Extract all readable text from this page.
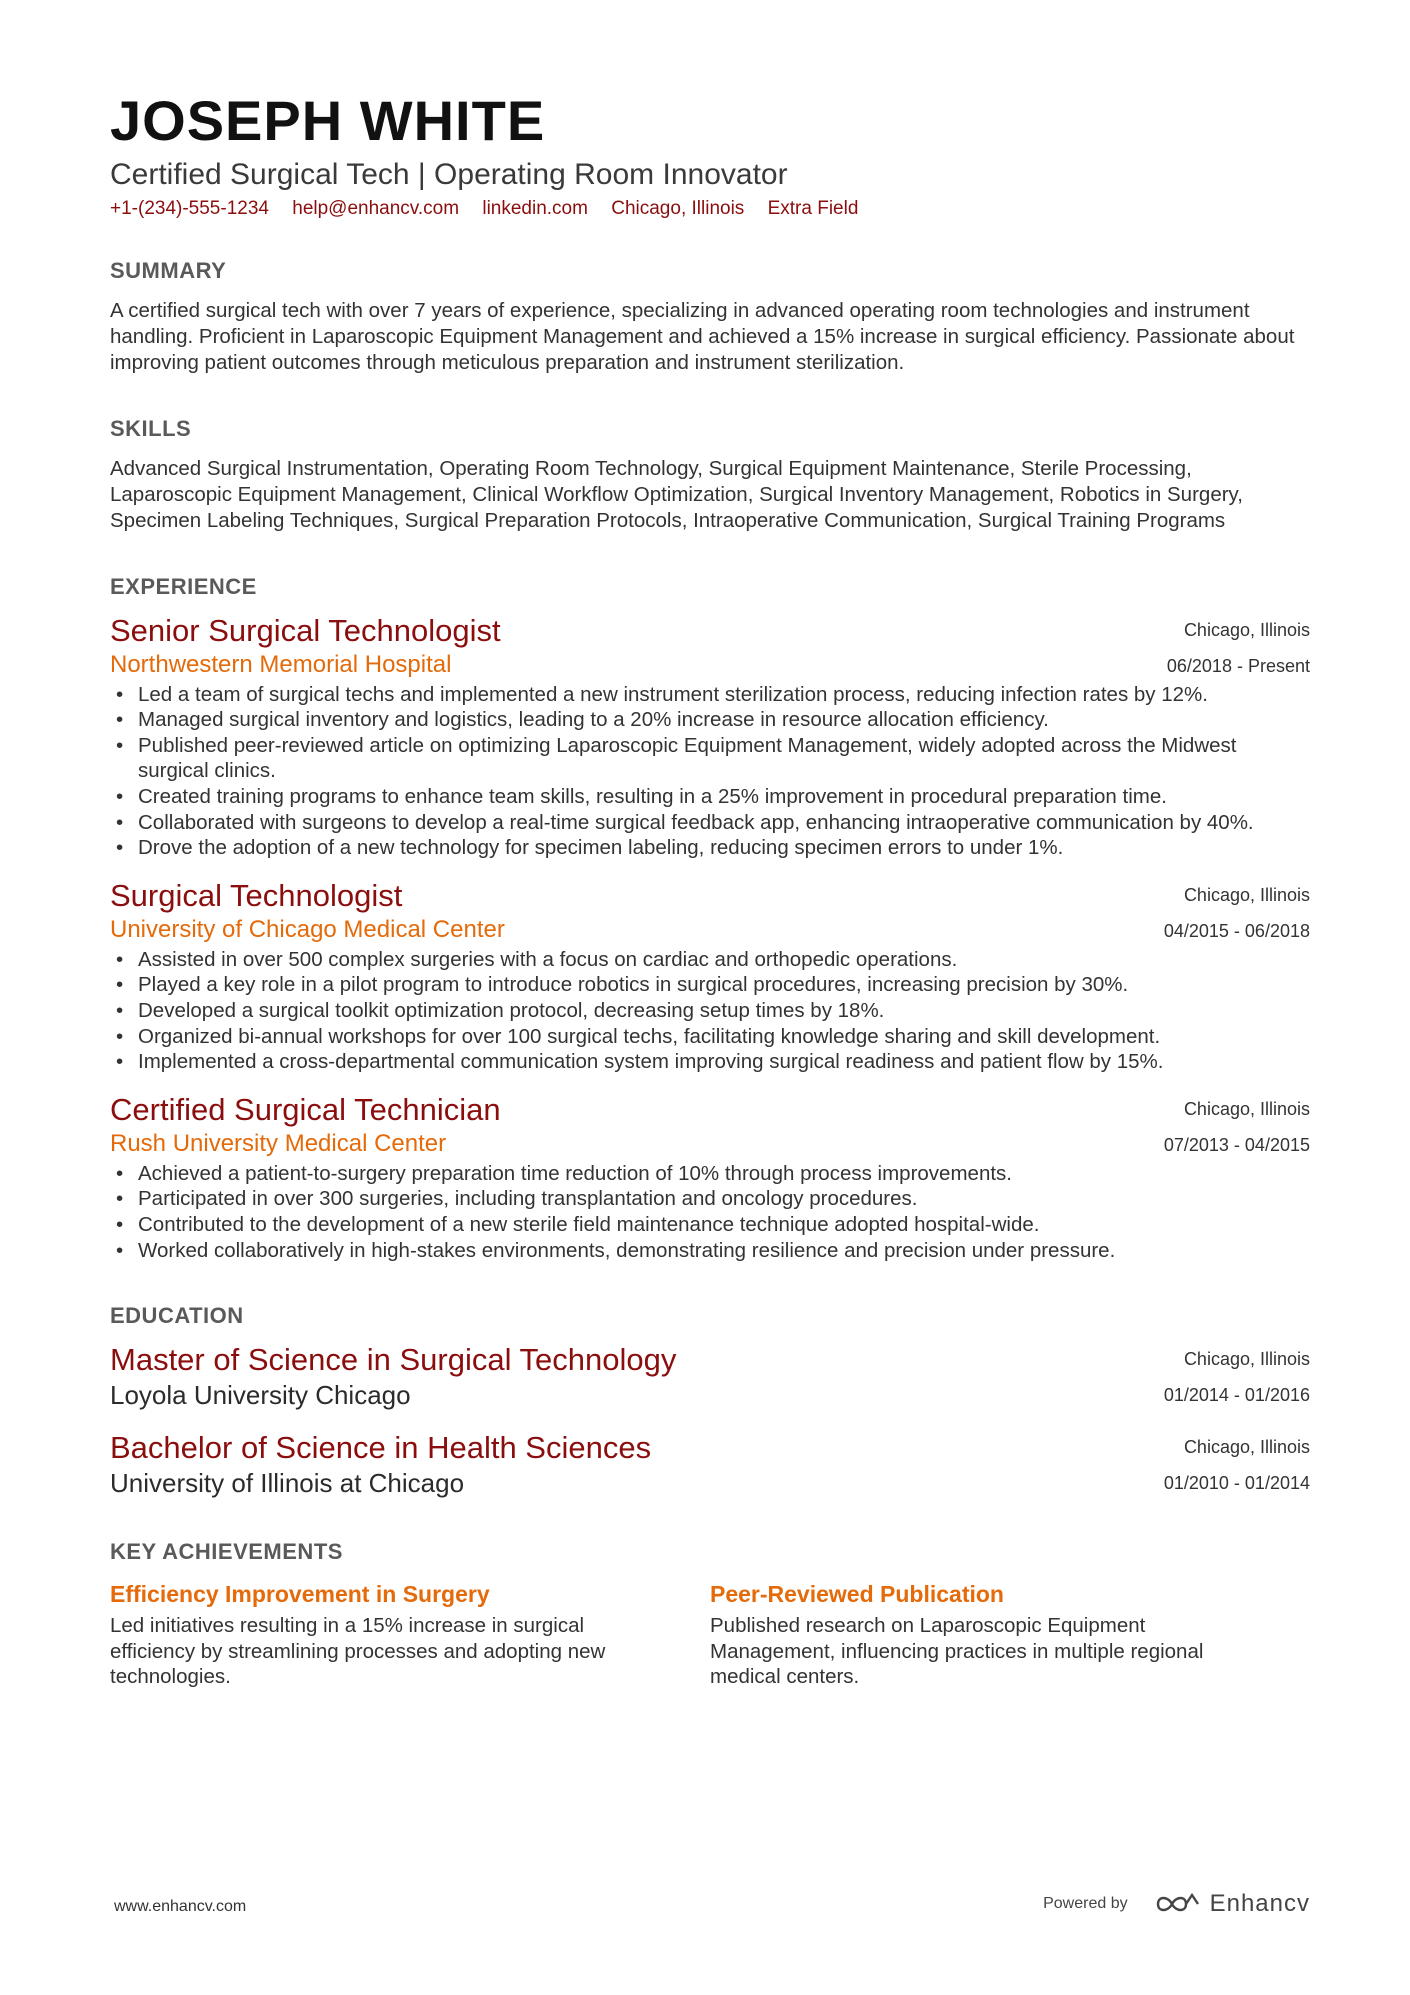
JOSEPH WHITE
Certified Surgical Tech | Operating Room Innovator
+1-(234)-555-1234 help@enhancv.com linkedin.com Chicago, Illinois Extra Field
SUMMARY
A certified surgical tech with over 7 years of experience, specializing in advanced operating room technologies and instrument handling. Proficient in Laparoscopic Equipment Management and achieved a 15% increase in surgical efficiency. Passionate about improving patient outcomes through meticulous preparation and instrument sterilization.
SKILLS
Advanced Surgical Instrumentation, Operating Room Technology, Surgical Equipment Maintenance, Sterile Processing, Laparoscopic Equipment Management, Clinical Workflow Optimization, Surgical Inventory Management, Robotics in Surgery, Specimen Labeling Techniques, Surgical Preparation Protocols, Intraoperative Communication, Surgical Training Programs
EXPERIENCE
Senior Surgical Technologist
Northwestern Memorial Hospital
Chicago, Illinois
06/2018 - Present
• Led a team of surgical techs and implemented a new instrument sterilization process, reducing infection rates by 12%.
• Managed surgical inventory and logistics, leading to a 20% increase in resource allocation efficiency.
• Published peer-reviewed article on optimizing Laparoscopic Equipment Management, widely adopted across the Midwest surgical clinics.
• Created training programs to enhance team skills, resulting in a 25% improvement in procedural preparation time.
• Collaborated with surgeons to develop a real-time surgical feedback app, enhancing intraoperative communication by 40%.
• Drove the adoption of a new technology for specimen labeling, reducing specimen errors to under 1%.
Surgical Technologist
University of Chicago Medical Center
Chicago, Illinois
04/2015 - 06/2018
• Assisted in over 500 complex surgeries with a focus on cardiac and orthopedic operations.
• Played a key role in a pilot program to introduce robotics in surgical procedures, increasing precision by 30%.
• Developed a surgical toolkit optimization protocol, decreasing setup times by 18%.
• Organized bi-annual workshops for over 100 surgical techs, facilitating knowledge sharing and skill development.
• Implemented a cross-departmental communication system improving surgical readiness and patient flow by 15%.
Certified Surgical Technician
Rush University Medical Center
Chicago, Illinois
07/2013 - 04/2015
• Achieved a patient-to-surgery preparation time reduction of 10% through process improvements.
• Participated in over 300 surgeries, including transplantation and oncology procedures.
• Contributed to the development of a new sterile field maintenance technique adopted hospital-wide.
• Worked collaboratively in high-stakes environments, demonstrating resilience and precision under pressure.
EDUCATION
Master of Science in Surgical Technology
Loyola University Chicago
Chicago, Illinois
01/2014 - 01/2016
Bachelor of Science in Health Sciences
University of Illinois at Chicago
Chicago, Illinois
01/2010 - 01/2014
KEY ACHIEVEMENTS
Efficiency Improvement in Surgery
Led initiatives resulting in a 15% increase in surgical efficiency by streamlining processes and adopting new technologies.
Peer-Reviewed Publication
Published research on Laparoscopic Equipment Management, influencing practices in multiple regional medical centers.
www.enhancv.com	Powered by	Enhancv
